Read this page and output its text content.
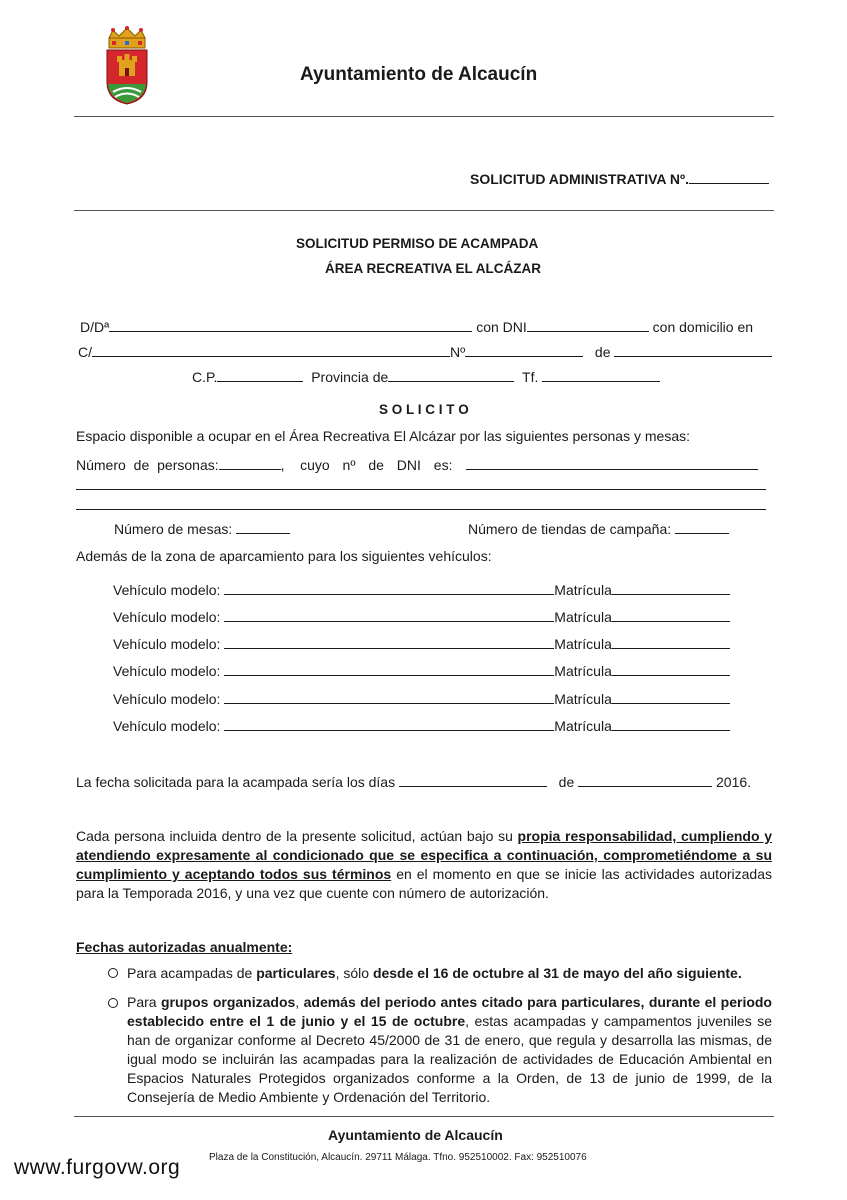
Ayuntamiento de Alcaucín
SOLICITUD ADMINISTRATIVA Nº.
SOLICITUD PERMISO DE ACAMPADA
ÁREA RECREATIVA EL ALCÁZAR
D/Dª	con DNI	con domicilio en
C/	Nº	de
C.P.	Provincia de	Tf.
S O L I C I T O
Espacio disponible a ocupar en el Área Recreativa El Alcázar por las siguientes personas y mesas:
Número de personas:	,    cuyo nº de DNI es:
Número de mesas:	Número de tiendas de campaña:
Además de la zona de aparcamiento para los siguientes vehículos:
Vehículo modelo:	Matrícula
Vehículo modelo:	Matrícula
Vehículo modelo:	Matrícula
Vehículo modelo:	Matrícula
Vehículo modelo:	Matrícula
Vehículo modelo:	Matrícula
La fecha solicitada para la acampada sería los días	de	2016.
Cada persona incluida dentro de la presente solicitud, actúan bajo su propia responsabilidad, cumpliendo y atendiendo expresamente al condicionado que se especifica a continuación, comprometiéndome a su cumplimiento y aceptando todos sus términos en el momento en que se inicie las actividades autorizadas para la Temporada 2016, y una vez que cuente con número de autorización.
Fechas autorizadas anualmente:
Para acampadas de particulares, sólo desde el 16 de octubre al 31 de mayo del año siguiente.
Para grupos organizados, además del periodo antes citado para particulares, durante el periodo establecido entre el 1 de junio y el 15 de octubre, estas acampadas y campamentos juveniles se han de organizar conforme al Decreto 45/2000 de 31 de enero, que regula y desarrolla las mismas, de igual modo se incluirán las acampadas para la realización de actividades de Educación Ambiental en Espacios Naturales Protegidos organizados conforme a la Orden, de 13 de junio de 1999, de la Consejería de Medio Ambiente y Ordenación del Territorio.
Ayuntamiento de Alcaucín
Plaza de la Constitución, Alcaucín. 29711 Málaga. Tfno. 952510002. Fax: 952510076
www.furgovw.org
